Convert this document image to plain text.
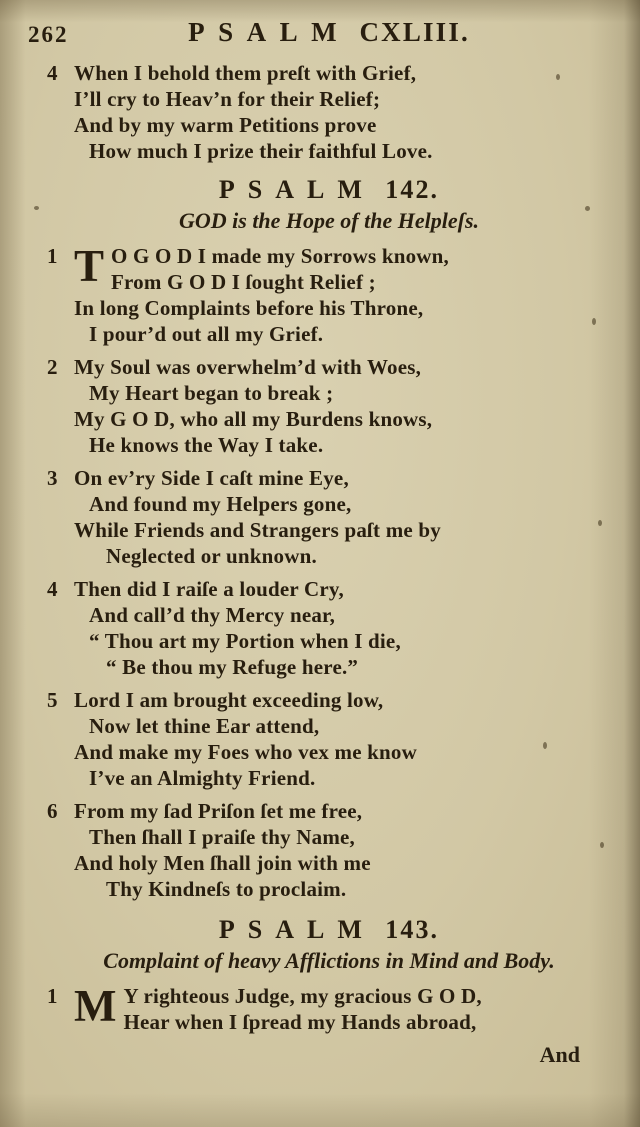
262	PSALM CXLIII.
4 When I behold them preſt with Grief,

I’ll cry to Heav’n for their Relief;

And by my warm Petitions prove

How much I prize their faithful Love.

PSALM 142.

GOD is the Hope of the Helpleſs.

1 T O G O D I made my Sorrows known,

From G O D I ſought Relief ;

In long Complaints before his Throne,

I pour’d out all my Grief.

2 My Soul was overwhelm’d with Woes,

My Heart began to break ;

My G O D, who all my Burdens knows,

He knows the Way I take.

3 On ev’ry Side I caſt mine Eye,

And found my Helpers gone,

While Friends and Strangers paſt me by

Neglected or unknown.

4 Then did I raiſe a louder Cry,

And call’d thy Mercy near,

“ Thou art my Portion when I die,

“ Be thou my Refuge here.”

5 Lord I am brought exceeding low,

Now let thine Ear attend,

And make my Foes who vex me know

I’ve an Almighty Friend.

6 From my ſad Priſon ſet me free,

Then ſhall I praiſe thy Name,

And holy Men ſhall join with me

Thy Kindneſs to proclaim.

PSALM 143.

Complaint of heavy Afflictions in Mind and Body.

1 M Y righteous Judge, my gracious G O D,

Hear when I ſpread my Hands abroad,

And
